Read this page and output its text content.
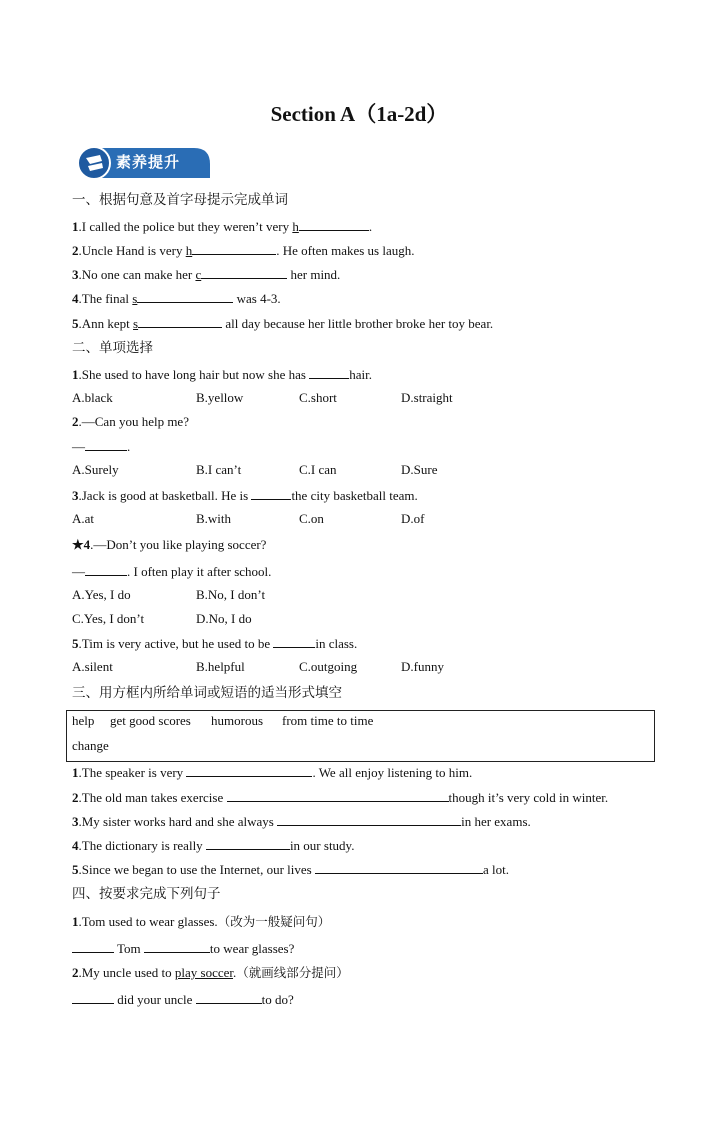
Section A（1a-2d）
素养提升
一、根据句意及首字母提示完成单词
1.I called the police but they weren’t very h	.
2.Uncle Hand is very h	. He often makes us laugh.
3.No one can make her c	her mind.
4.The final s	was 4-3.
5.Ann kept s	all day because her little brother broke her toy bear.
二、单项选择
1.She used to have long hair but now she has	hair.
A.black	B.yellow	C.short	D.straight
2.—Can you help me?
—	.
A.Surely	B.I can’t	C.I can	D.Sure
3.Jack is good at basketball. He is	the city basketball team.
A.at	B.with	C.on	D.of
★4.—Don’t you like playing soccer?
—	. I often play it after school.
A.Yes, I do	B.No, I don’t
C.Yes, I don’t	D.No, I do
5.Tim is very active, but he used to be	in class.
A.silent	B.helpful	C.outgoing	D.funny
三、用方框内所给单词或短语的适当形式填空
help get good scores humorous from time to time
change
1.The speaker is very	. We all enjoy listening to him.
2.The old man takes exercise	though it’s very cold in winter.
3.My sister works hard and she always	in her exams.
4.The dictionary is really	in our study.
5.Since we began to use the Internet, our lives	a lot.
四、按要求完成下列句子
1.Tom used to wear glasses.（改为一般疑问句）
Tom	to wear glasses?
2.My uncle used to play soccer.（就画线部分提问）
did your uncle	to do?
